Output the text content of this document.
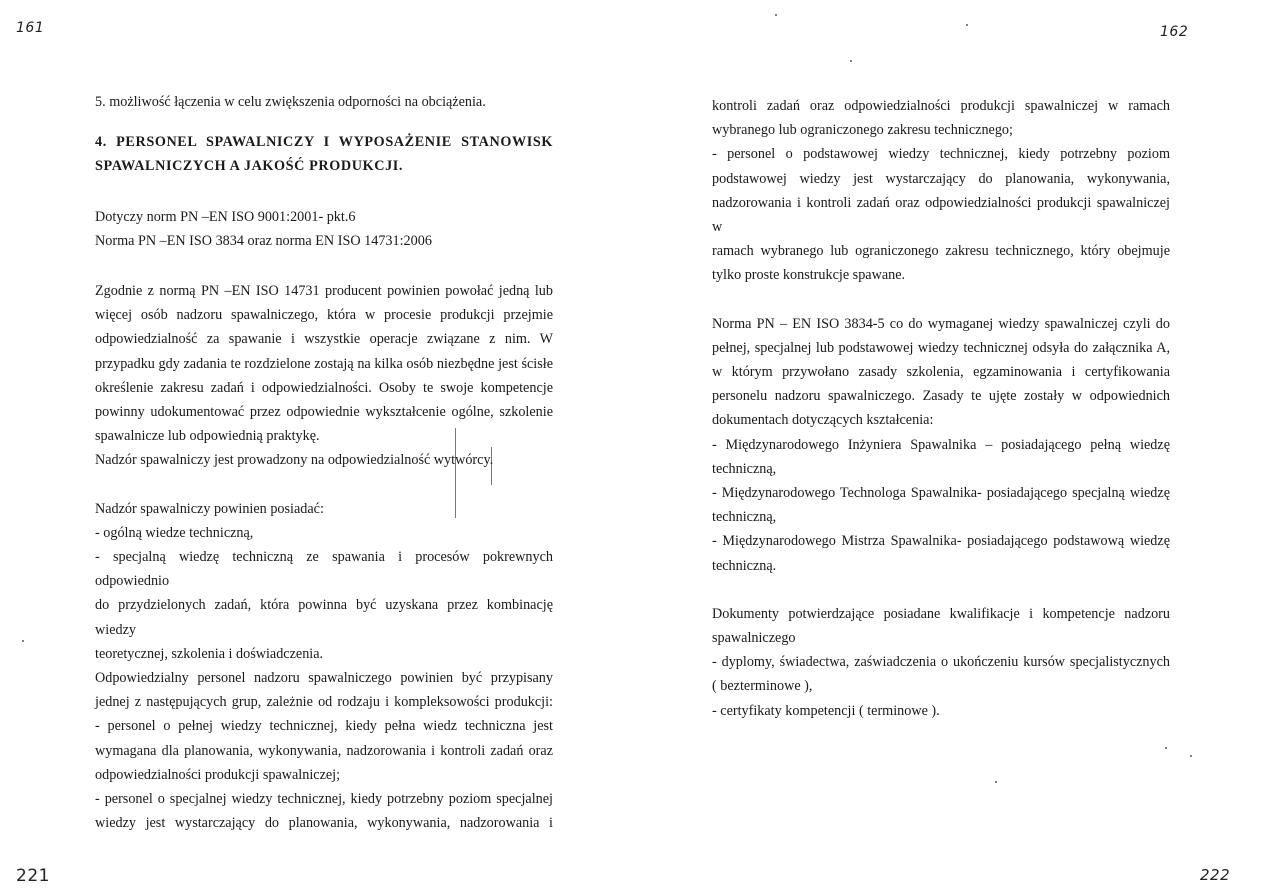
161	162
221	222

5. możliwość łączenia w celu zwiększenia odporności na obciążenia.

4. PERSONEL SPAWALNICZY I WYPOSAŻENIE STANOWISK

SPAWALNICZYCH A JAKOŚĆ PRODUKCJI.

Dotyczy norm PN –EN ISO 9001:2001- pkt.6

Norma PN –EN ISO 3834 oraz norma EN ISO 14731:2006

Zgodnie z normą PN –EN ISO 14731 producent powinien powołać jedną lub

więcej osób nadzoru spawalniczego, która w procesie produkcji przejmie

odpowiedzialność za spawanie i wszystkie operacje związane z nim. W

przypadku gdy zadania te rozdzielone zostają na kilka osób niezbędne jest ścisłe

określenie zakresu zadań i odpowiedzialności. Osoby te swoje kompetencje

powinny udokumentować przez odpowiednie wykształcenie ogólne, szkolenie

spawalnicze lub odpowiednią praktykę.

Nadzór spawalniczy jest prowadzony na odpowiedzialność wytwórcy.

Nadzór spawalniczy powinien posiadać:

- ogólną wiedze techniczną,

- specjalną wiedzę techniczną ze spawania i procesów pokrewnych odpowiednio

do przydzielonych zadań, która powinna być uzyskana przez kombinację wiedzy

teoretycznej, szkolenia i doświadczenia.

Odpowiedzialny personel nadzoru spawalniczego powinien być przypisany

jednej z następujących grup, zależnie od rodzaju i kompleksowości produkcji:

- personel o pełnej wiedzy technicznej, kiedy pełna wiedz techniczna jest

wymagana dla planowania, wykonywania, nadzorowania i kontroli zadań oraz

odpowiedzialności produkcji spawalniczej;

- personel o specjalnej wiedzy technicznej, kiedy potrzebny poziom specjalnej

wiedzy jest wystarczający do planowania, wykonywania, nadzorowania i

kontroli zadań oraz odpowiedzialności produkcji spawalniczej w ramach

wybranego lub ograniczonego zakresu technicznego;

- personel o podstawowej wiedzy technicznej, kiedy potrzebny poziom

podstawowej wiedzy jest wystarczający do planowania, wykonywania,

nadzorowania i kontroli zadań oraz odpowiedzialności produkcji spawalniczej w

ramach wybranego lub ograniczonego zakresu technicznego, który obejmuje

tylko proste konstrukcje spawane.

Norma PN – EN ISO 3834-5 co do wymaganej wiedzy spawalniczej czyli do

pełnej, specjalnej lub podstawowej wiedzy technicznej odsyła do załącznika A,

w którym przywołano zasady szkolenia, egzaminowania i certyfikowania

personelu nadzoru spawalniczego. Zasady te ujęte zostały w odpowiednich

dokumentach dotyczących kształcenia:

- Międzynarodowego Inżyniera Spawalnika – posiadającego pełną wiedzę

techniczną,

- Międzynarodowego Technologa Spawalnika- posiadającego specjalną wiedzę

techniczną,

- Międzynarodowego Mistrza Spawalnika- posiadającego podstawową wiedzę

techniczną.

Dokumenty potwierdzające posiadane kwalifikacje i kompetencje nadzoru

spawalniczego

- dyplomy, świadectwa, zaświadczenia o ukończeniu kursów specjalistycznych

( bezterminowe ),

- certyfikaty kompetencji ( terminowe ).
